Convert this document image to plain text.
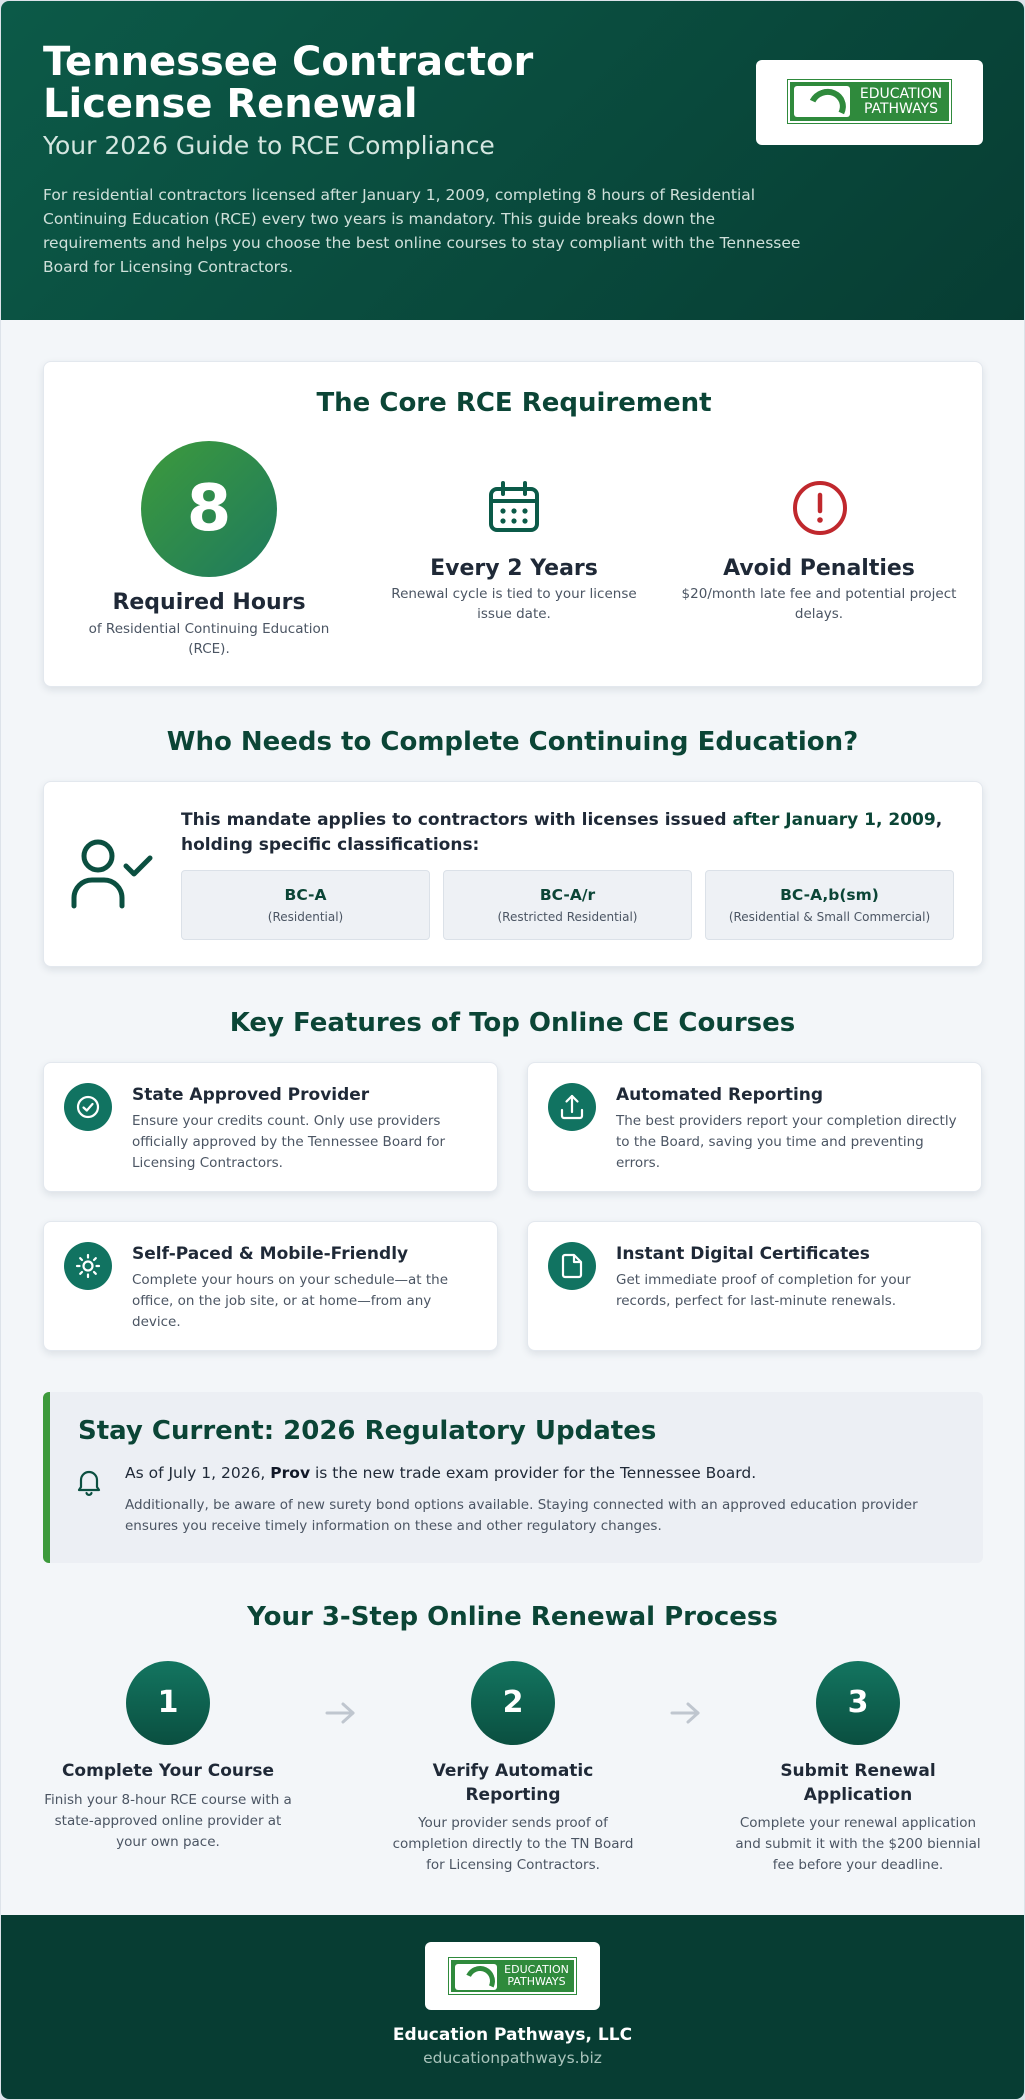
Tennessee Contractor License Renewal
Your 2026 Guide to RCE Compliance

For residential contractors licensed after January 1, 2009, completing 8 hours of Residential Continuing Education (RCE) every two years is mandatory. This guide breaks down the requirements and helps you choose the best online courses to stay compliant with the Tennessee Board for Licensing Contractors.

EDUCATION
PATHWAYS
The Core RCE Requirement
8
Required Hours
of Residential Continuing Education (RCE).
Every 2 Years
Renewal cycle is tied to your license issue date.
Avoid Penalties
$20/month late fee and potential project delays.
Who Needs to Complete Continuing Education?
This mandate applies to contractors with licenses issued after January 1, 2009, holding specific classifications:
BC-A
(Residential)
BC-A/r
(Restricted Residential)
BC-A,b(sm)
(Residential & Small Commercial)
Key Features of Top Online CE Courses
State Approved Provider
Ensure your credits count. Only use providers officially approved by the Tennessee Board for Licensing Contractors.
Automated Reporting
The best providers report your completion directly to the Board, saving you time and preventing errors.
Self-Paced & Mobile-Friendly
Complete your hours on your schedule—at the office, on the job site, or at home—from any device.
Instant Digital Certificates
Get immediate proof of completion for your records, perfect for last-minute renewals.
Stay Current: 2026 Regulatory Updates
As of July 1, 2026, Prov is the new trade exam provider for the Tennessee Board.
Additionally, be aware of new surety bond options available. Staying connected with an approved education provider ensures you receive timely information on these and other regulatory changes.
Your 3-Step Online Renewal Process
1
Complete Your Course
Finish your 8-hour RCE course with a state-approved online provider at your own pace.
2
Verify Automatic Reporting
Your provider sends proof of completion directly to the TN Board for Licensing Contractors.
3
Submit Renewal Application
Complete your renewal application and submit it with the $200 biennial fee before your deadline.
EDUCATION
PATHWAYS
Education Pathways, LLC
educationpathways.biz
